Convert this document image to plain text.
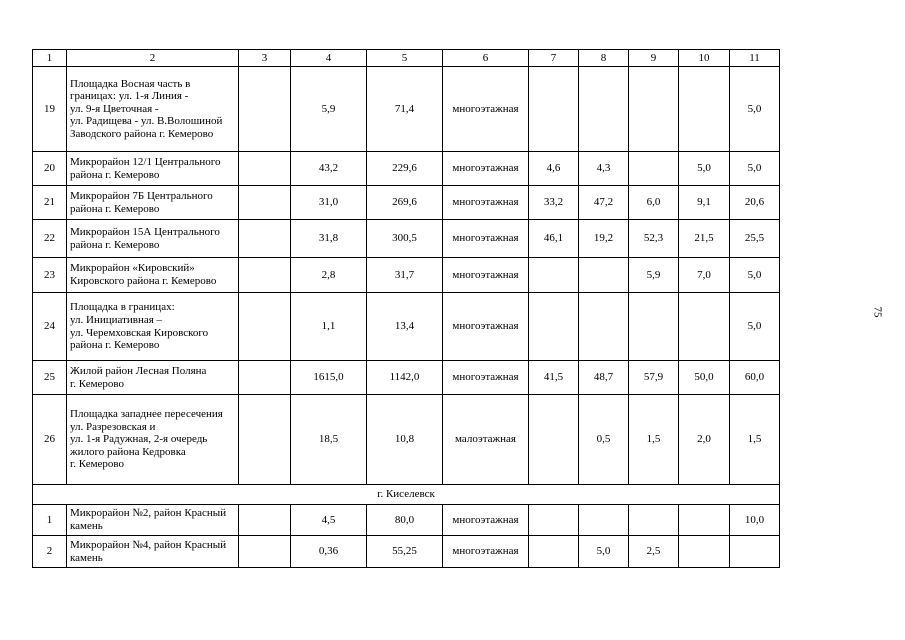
1	2	3	4	5	6	7	8	9	10	11
19	Площадка Восная часть в
границах: ул. 1-я Линия -
ул. 9-я Цветочная -
ул. Радищева - ул. В.Волошиной
Заводского района г. Кемерово		5,9	71,4	многоэтажная					5,0
20	Микрорайон 12/1 Центрального
района г. Кемерово		43,2	229,6	многоэтажная	4,6	4,3		5,0	5,0
21	Микрорайон 7Б Центрального
района г. Кемерово		31,0	269,6	многоэтажная	33,2	47,2	6,0	9,1	20,6
22	Микрорайон 15А Центрального
района г. Кемерово		31,8	300,5	многоэтажная	46,1	19,2	52,3	21,5	25,5
23	Микрорайон «Кировский»
Кировского района г. Кемерово		2,8	31,7	многоэтажная			5,9	7,0	5,0
24	Площадка в границах:
ул. Инициативная –
ул. Черемховская Кировского
района г. Кемерово		1,1	13,4	многоэтажная					5,0
25	Жилой район Лесная Поляна
г. Кемерово		1615,0	1142,0	многоэтажная	41,5	48,7	57,9	50,0	60,0
26	Площадка западнее пересечения
ул. Разрезовская и
ул. 1-я Радужная, 2-я очередь
жилого района Кедровка
г. Кемерово		18,5	10,8	малоэтажная		0,5	1,5	2,0	1,5
г. Киселевск										
1	Микрорайон №2, район Красный
камень		4,5	80,0	многоэтажная					10,0
2	Микрорайон №4, район Красный
камень		0,36	55,25	многоэтажная		5,0	2,5		
75
